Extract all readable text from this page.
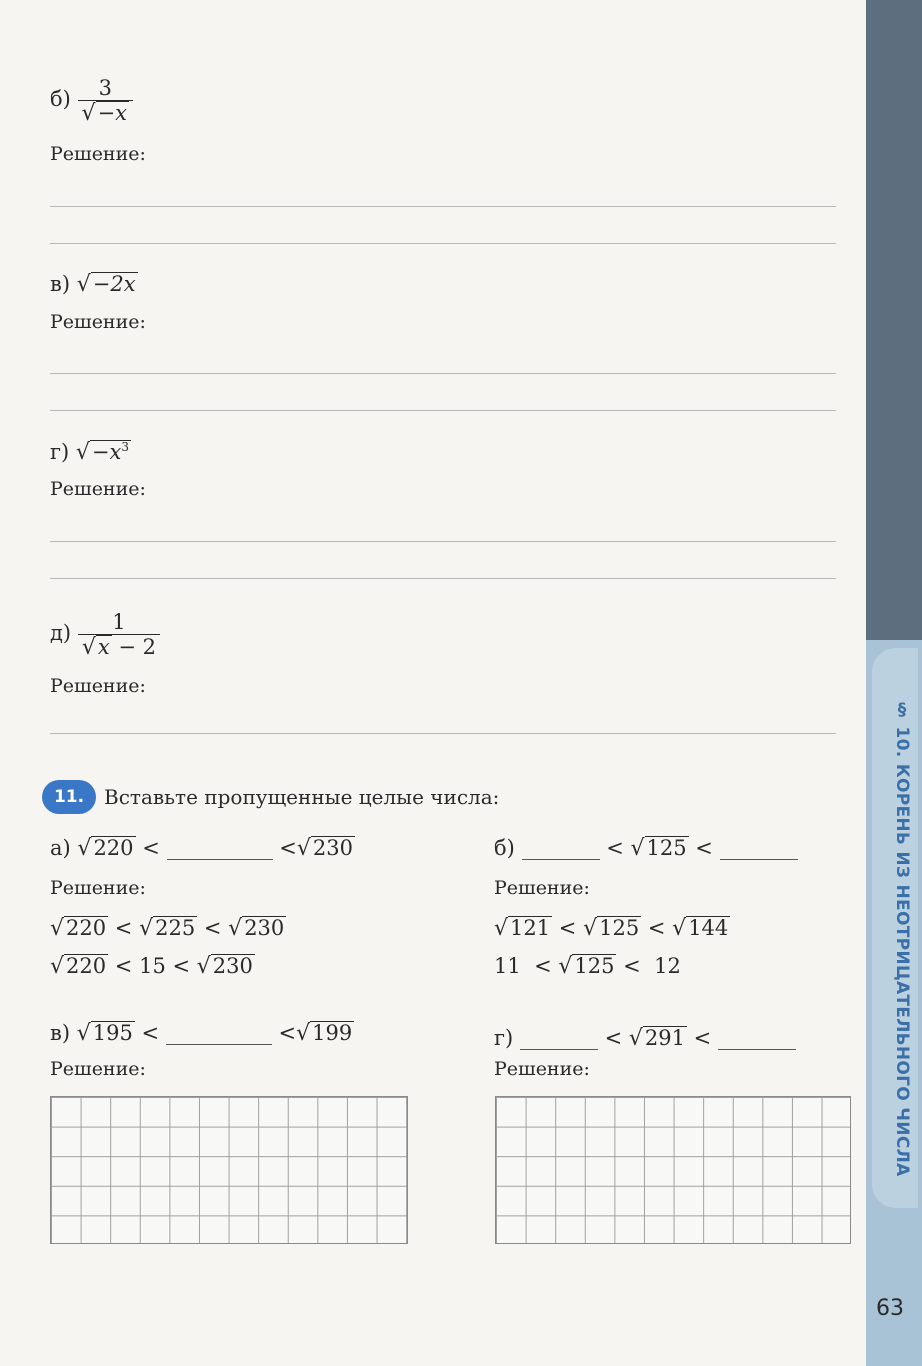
§ 10. КОРЕНЬ ИЗ НЕОТРИЦАТЕЛЬНОГО ЧИСЛА
63
$б) \frac{3}{√ -x}$
Решение:
в) √ −2x
Решение:
г) √ $-x^3$
Решение:
$д) \frac{1}{√ x - 2}$
Решение:
11. Вставьте пропущенные целые числа:
а) √ 220 <	< √ 230
Решение:
√ 220 < √ 225 < √ 230
√ 220 < 15 < √ 230
б)	< √ 125 <
Решение:
√ 121 < √ 125 < √ 144
11  < √ 125 <  12
в) √ 195 <	< √ 199
Решение:
г)	< √ 291 <
Решение:
